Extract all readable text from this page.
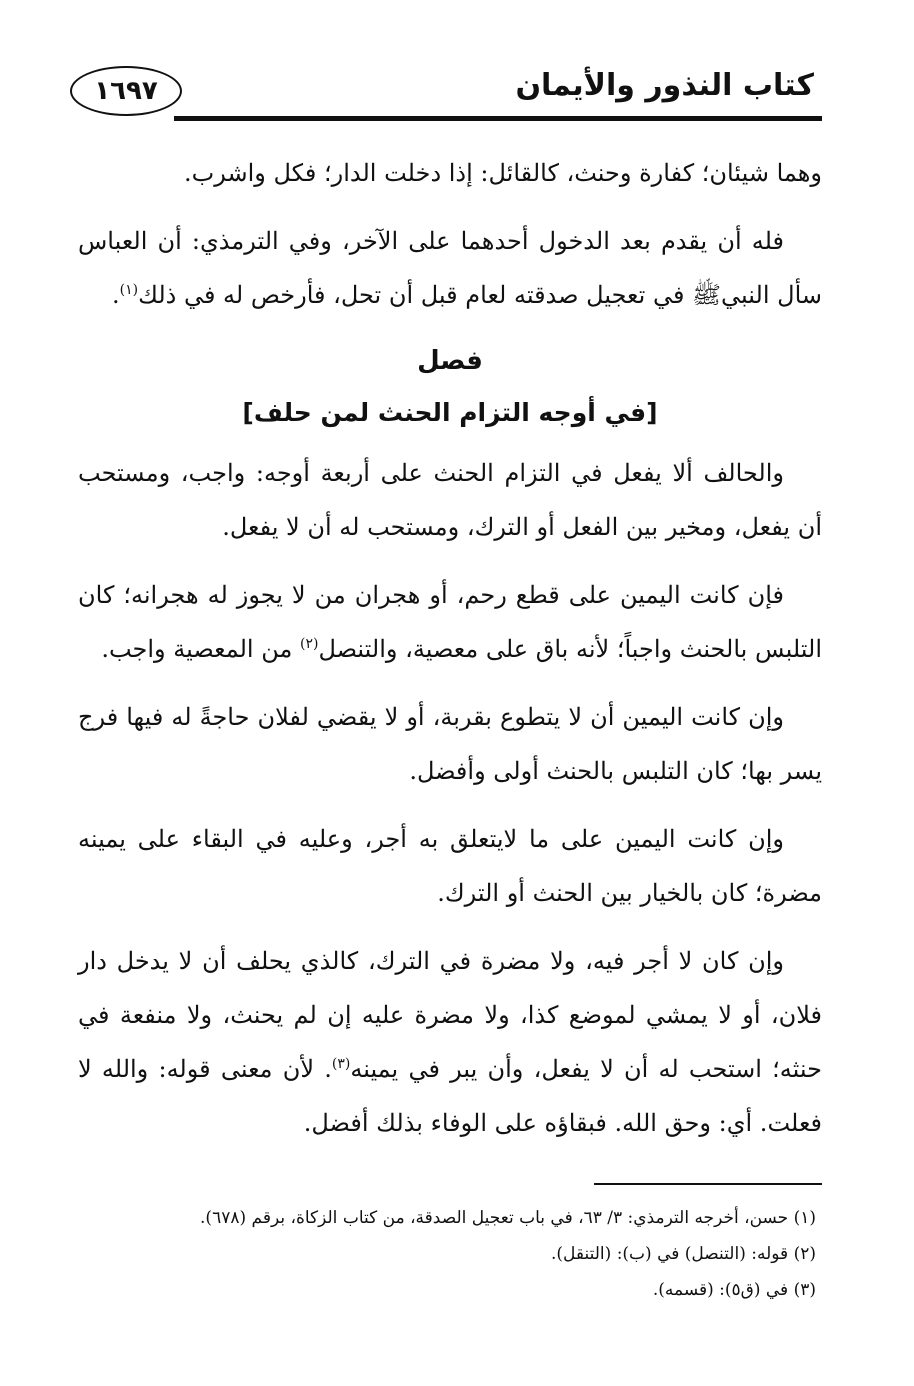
١٦٩٧	كتاب النذور والأيمان

وهما شيئان؛ كفارة وحنث، كالقائل: إذا دخلت الدار؛ فكل واشرب.

فله أن يقدم بعد الدخول أحدهما على الآخر، وفي الترمذي: أن العباس سأل النبيﷺ في تعجيل صدقته لعام قبل أن تحل، فأرخص له في ذلك$^{(١)}$.

فصل
[في أوجه التزام الحنث لمن حلف]

والحالف ألا يفعل في التزام الحنث على أربعة أوجه: واجب، ومستحب أن يفعل، ومخير بين الفعل أو الترك، ومستحب له أن لا يفعل.

فإن كانت اليمين على قطع رحم، أو هجران من لا يجوز له هجرانه؛ كان التلبس بالحنث واجباً؛ لأنه باق على معصية، والتنصل$^{(٢)}$ من المعصية واجب.

وإن كانت اليمين أن لا يتطوع بقربة، أو لا يقضي لفلان حاجةً له فيها فرج يسر بها؛ كان التلبس بالحنث أولى وأفضل.

وإن كانت اليمين على ما لايتعلق به أجر، وعليه في البقاء على يمينه مضرة؛ كان بالخيار بين الحنث أو الترك.

وإن كان لا أجر فيه، ولا مضرة في الترك، كالذي يحلف أن لا يدخل دار فلان، أو لا يمشي لموضع كذا، ولا مضرة عليه إن لم يحنث، ولا منفعة في حنثه؛ استحب له أن لا يفعل، وأن يبر في يمينه$^{(٣)}$. لأن معنى قوله: والله لا فعلت. أي: وحق الله. فبقاؤه على الوفاء بذلك أفضل.

(١) حسن، أخرجه الترمذي: ٣/ ٦٣، في باب تعجيل الصدقة، من كتاب الزكاة، برقم (٦٧٨).

(٢) قوله: (التنصل) في (ب): (التنقل).

(٣) في (ق٥): (قسمه).
